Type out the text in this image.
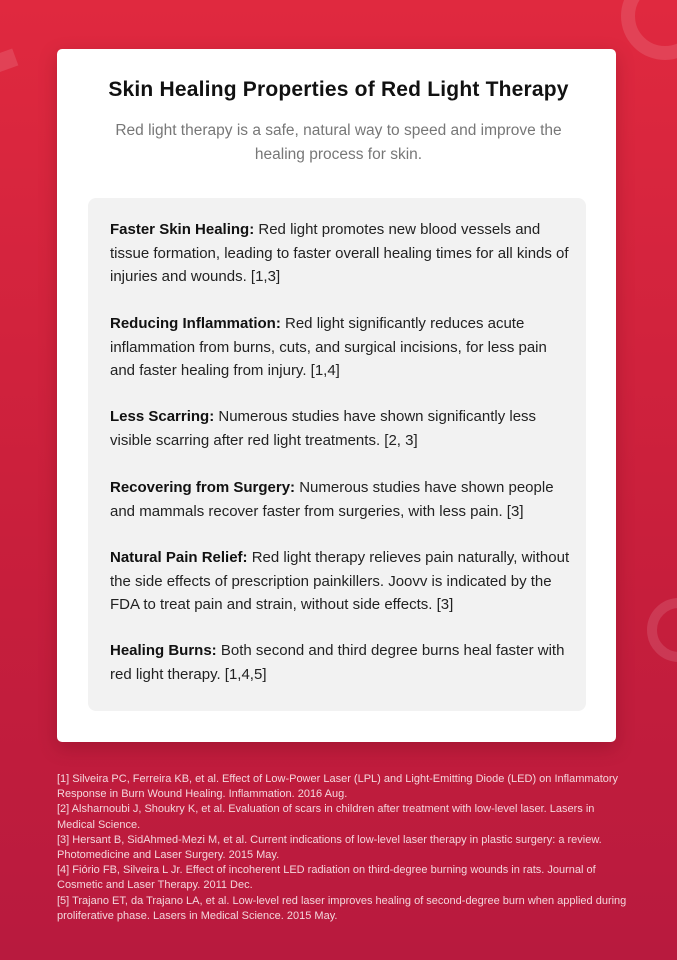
Skin Healing Properties of Red Light Therapy

Red light therapy is a safe, natural way to speed and improve the healing process for skin.

Faster Skin Healing: Red light promotes new blood vessels and tissue formation, leading to faster overall healing times for all kinds of injuries and wounds. [1,3]

Reducing Inflammation: Red light significantly reduces acute inflammation from burns, cuts, and surgical incisions, for less pain and faster healing from injury. [1,4]

Less Scarring: Numerous studies have shown significantly less visible scarring after red light treatments. [2, 3]

Recovering from Surgery: Numerous studies have shown people and mammals recover faster from surgeries, with less pain. [3]

Natural Pain Relief: Red light therapy relieves pain naturally, without the side effects of prescription painkillers. Joovv is indicated by the FDA to treat pain and strain, without side effects. [3]

Healing Burns: Both second and third degree burns heal faster with red light therapy. [1,4,5]

[1] Silveira PC, Ferreira KB, et al. Effect of Low-Power Laser (LPL) and Light-Emitting Diode (LED) on Inflammatory Response in Burn Wound Healing. Inflammation. 2016 Aug.

[2] Alsharnoubi J, Shoukry K, et al. Evaluation of scars in children after treatment with low-level laser. Lasers in Medical Science.

[3] Hersant B, SidAhmed-Mezi M, et al. Current indications of low-level laser therapy in plastic surgery: a review. Photomedicine and Laser Surgery. 2015 May.

[4] Fiório FB, Silveira L Jr. Effect of incoherent LED radiation on third-degree burning wounds in rats. Journal of Cosmetic and Laser Therapy. 2011 Dec.

[5] Trajano ET, da Trajano LA, et al. Low-level red laser improves healing of second-degree burn when applied during proliferative phase. Lasers in Medical Science. 2015 May.
